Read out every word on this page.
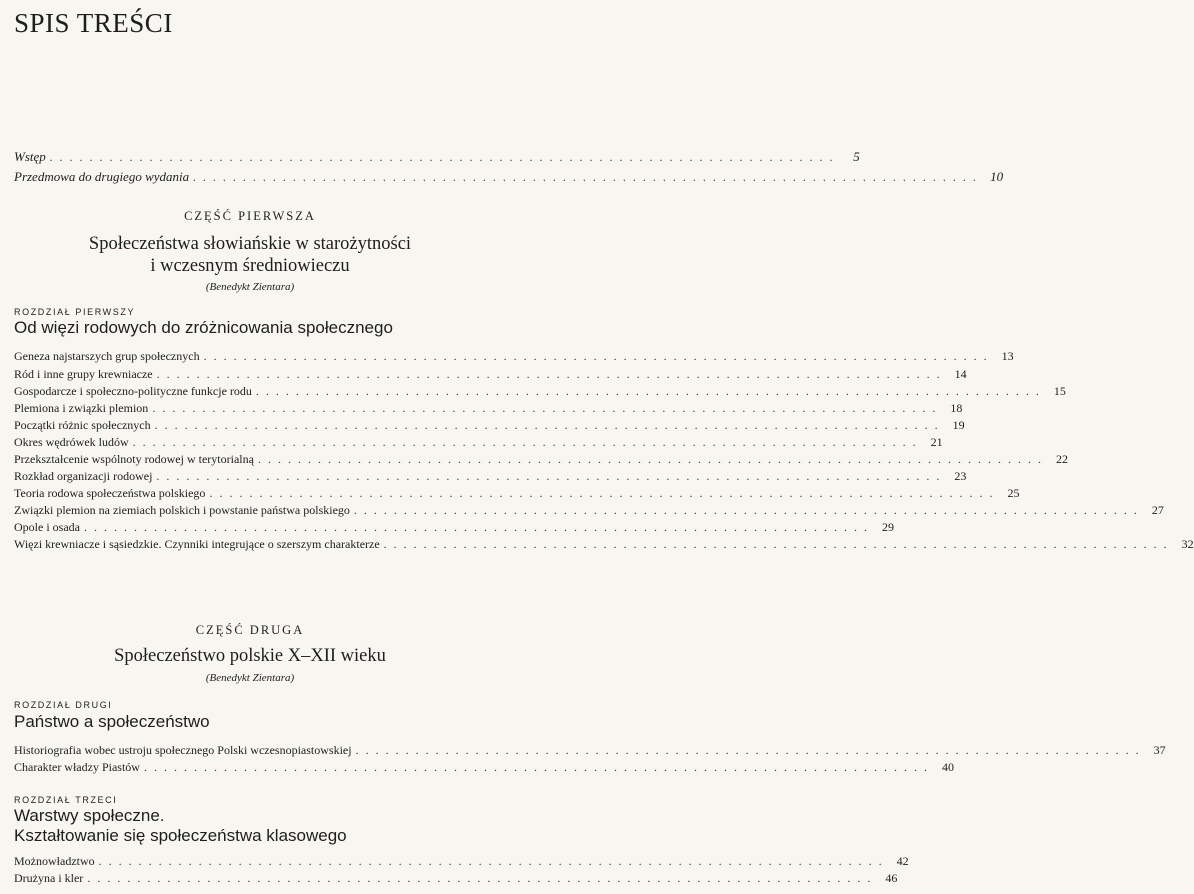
SPIS TREŚCI
Wstęp ...............................................................................	5
Przedmowa do drugiego wydania ............................................................................... 10
CZĘŚĆ PIERWSZA
Społeczeństwa słowiańskie w starożytności
i wczesnym średniowieczu
(Benedykt Zientara)
ROZDZIAŁ PIERWSZY
Od więzi rodowych do zróżnicowania społecznego
Geneza najstarszych grup społecznych ............................................................................... 13
Ród i inne grupy krewniacze ............................................................................... 14
Gospodarcze i społeczno-polityczne funkcje rodu ............................................................................... 15
Plemiona i związki plemion ............................................................................... 18
Początki różnic społecznych ............................................................................... 19
Okres wędrówek ludów ............................................................................... 21
Przekształcenie wspólnoty rodowej w terytorialną ............................................................................... 22
Rozkład organizacji rodowej ............................................................................... 23
Teoria rodowa społeczeństwa polskiego ............................................................................... 25
Związki plemion na ziemiach polskich i powstanie państwa polskiego ............................................................................... 27
Opole i osada ............................................................................... 29
Więzi krewniacze i sąsiedzkie. Czynniki integrujące o szerszym charakterze ............................................................................... 32
CZĘŚĆ DRUGA
Społeczeństwo polskie X–XII wieku
(Benedykt Zientara)
ROZDZIAŁ DRUGI
Państwo a społeczeństwo
Historiografia wobec ustroju społecznego Polski wczesnopiastowskiej ............................................................................... 37
Charakter władzy Piastów ............................................................................... 40
ROZDZIAŁ TRZECI
Warstwy społeczne.
Kształtowanie się społeczeństwa klasowego
Możnowładztwo ............................................................................... 42
Drużyna i kler ............................................................................... 46
